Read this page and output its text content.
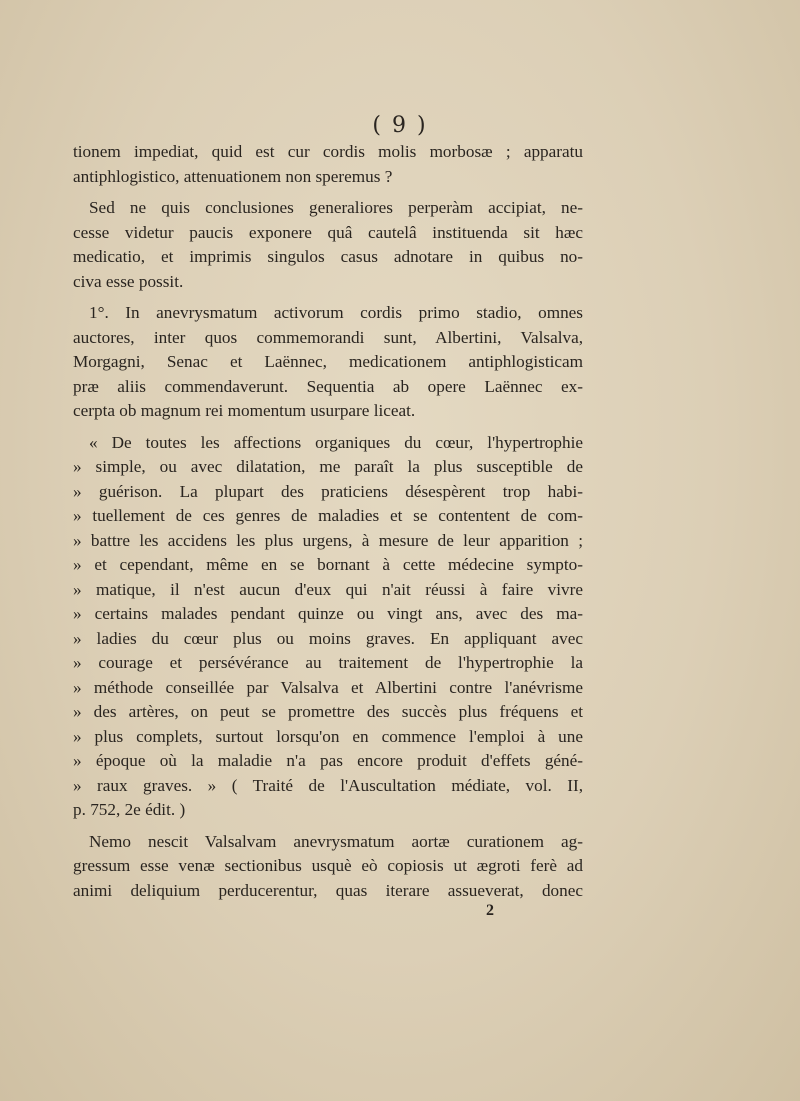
( 9 )
tionem impediat, quid est cur cordis molis morbosæ ; apparatu
antiphlogistico, attenuationem non speremus ?
Sed ne quis conclusiones generaliores perperàm accipiat, ne-
cesse videtur paucis exponere quâ cautelâ instituenda sit hæc
medicatio, et imprimis singulos casus adnotare in quibus no-
civa esse possit.
1°. In anevrysmatum activorum cordis primo stadio, omnes
auctores, inter quos commemorandi sunt, Albertini, Valsalva,
Morgagni, Senac et Laënnec, medicationem antiphlogisticam
præ aliis commendaverunt. Sequentia ab opere Laënnec ex-
cerpta ob magnum rei momentum usurpare liceat.
« De toutes les affections organiques du cœur, l'hypertrophie
» simple, ou avec dilatation, me paraît la plus susceptible de
» guérison. La plupart des praticiens désespèrent trop habi-
» tuellement de ces genres de maladies et se contentent de com-
» battre les accidens les plus urgens, à mesure de leur apparition ;
» et cependant, même en se bornant à cette médecine sympto-
» matique, il n'est aucun d'eux qui n'ait réussi à faire vivre
» certains malades pendant quinze ou vingt ans, avec des ma-
» ladies du cœur plus ou moins graves. En appliquant avec
» courage et persévérance au traitement de l'hypertrophie la
» méthode conseillée par Valsalva et Albertini contre l'anévrisme
» des artères, on peut se promettre des succès plus fréquens et
» plus complets, surtout lorsqu'on en commence l'emploi à une
» époque où la maladie n'a pas encore produit d'effets géné-
» raux graves. » ( Traité de l'Auscultation médiate, vol. II,
p. 752, 2e édit. )
Nemo nescit Valsalvam anevrysmatum aortæ curationem ag-
gressum esse venæ sectionibus usquè eò copiosis ut ægroti ferè ad
animi deliquium perducerentur, quas iterare assueverat, donec
2
